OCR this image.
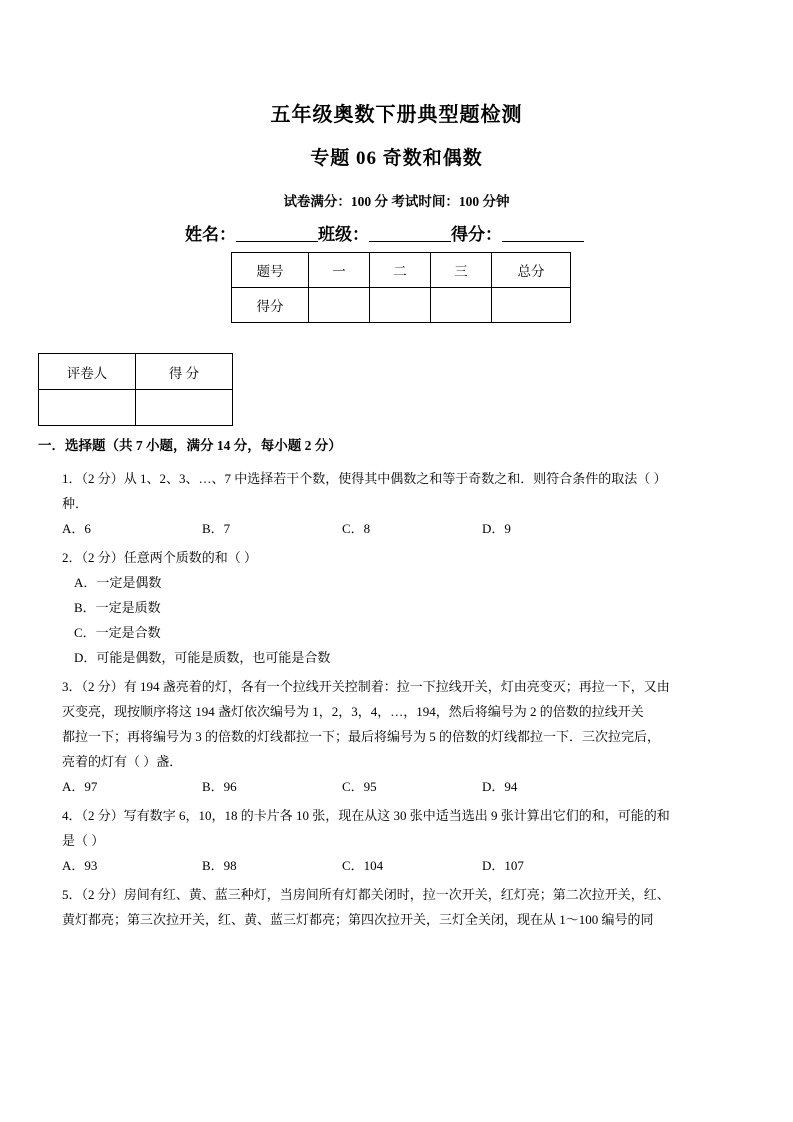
五年级奥数下册典型题检测
专题 06 奇数和偶数
试卷满分：100 分 考试时间：100 分钟
姓名：	班级：	得分：
题号	一	二	三	总分
得分				
评卷人	得 分

一．选择题（共 7 小题，满分 14 分，每小题 2 分）
1．（2 分）从 1、2、3、…、7 中选择若干个数，使得其中偶数之和等于奇数之和．则符合条件的取法（ ）
种．
A．6	B．7	C．8	D．9
2．（2 分）任意两个质数的和（ ）
A．一定是偶数
B．一定是质数
C．一定是合数
D．可能是偶数，可能是质数，也可能是合数
3．（2 分）有 194 盏亮着的灯，各有一个拉线开关控制着：拉一下拉线开关，灯由亮变灭；再拉一下，又由
灭变亮，现按顺序将这 194 盏灯依次编号为 1，2，3，4，…，194，然后将编号为 2 的倍数的拉线开关
都拉一下；再将编号为 3 的倍数的灯线都拉一下；最后将编号为 5 的倍数的灯线都拉一下．三次拉完后，
亮着的灯有（ ）盏．
A．97	B．96	C．95	D．94
4．（2 分）写有数字 6，10，18 的卡片各 10 张，现在从这 30 张中适当选出 9 张计算出它们的和，可能的和
是（ ）
A．93	B．98	C．104	D．107
5．（2 分）房间有红、黄、蓝三种灯，当房间所有灯都关闭时，拉一次开关，红灯亮；第二次拉开关，红、
黄灯都亮；第三次拉开关，红、黄、蓝三灯都亮；第四次拉开关，三灯全关闭，现在从 1～100 编号的同
